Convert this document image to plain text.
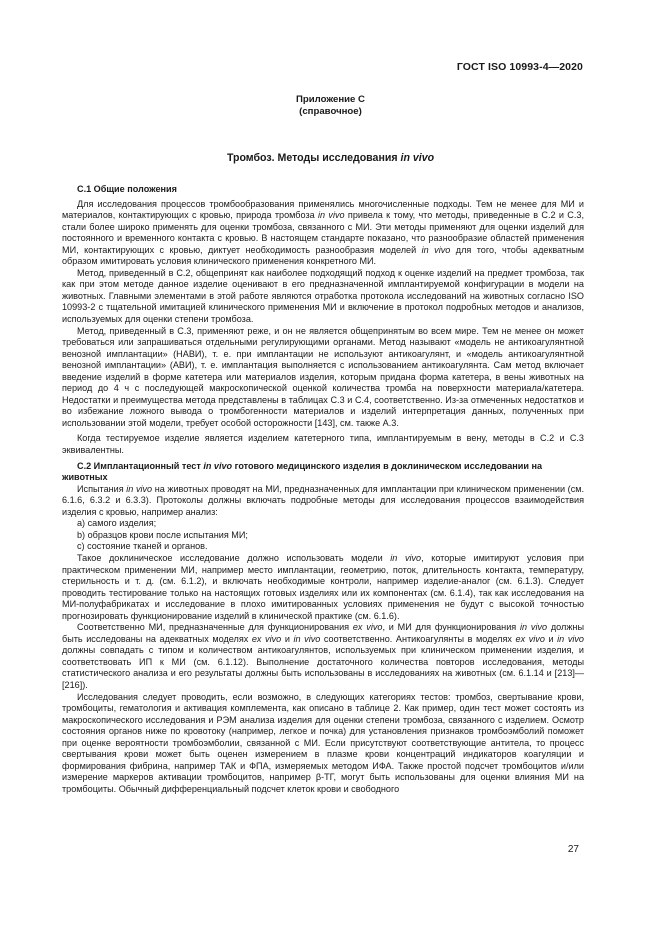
ГОСТ ISO 10993-4—2020
Приложение С
(справочное)
Тромбоз. Методы исследования in vivo

С.1 Общие положения

Для исследования процессов тромбообразования применялись многочисленные подходы. Тем не менее для МИ и материалов, контактирующих с кровью, природа тромбоза in vivo привела к тому, что методы, приведенные в С.2 и С.3, стали более широко применять для оценки тромбоза, связанного с МИ. Эти методы применяют для оценки изделий для постоянного и временного контакта с кровью. В настоящем стандарте показано, что разнообразие областей применения МИ, контактирующих с кровью, диктует необходимость разнообразия моделей in vivo для того, чтобы адекватным образом имитировать условия клинического применения конкретного МИ.

Метод, приведенный в С.2, общепринят как наиболее подходящий подход к оценке изделий на предмет тромбоза, так как при этом методе данное изделие оценивают в его предназначенной имплантируемой конфигурации в модели на животных. Главными элементами в этой работе являются отработка протокола исследований на животных согласно ISO 10993-2 с тщательной имитацией клинического применения МИ и включение в протокол подробных методов и анализов, используемых для оценки степени тромбоза.

Метод, приведенный в С.3, применяют реже, и он не является общепринятым во всем мире. Тем не менее он может требоваться или запрашиваться отдельными регулирующими органами. Метод называют «модель не антикоагулянтной венозной имплантации» (НАВИ), т. е. при имплантации не используют антикоагулянт, и «модель антикоагулянтной венозной имплантации» (АВИ), т. е. имплантация выполняется с использованием антикоагулянта. Сам метод включает введение изделий в форме катетера или материалов изделия, которым придана форма катетера, в вены животных на период до 4 ч с последующей макроскопической оценкой количества тромба на поверхности материала/катетера. Недостатки и преимущества метода представлены в таблицах С.3 и С.4, соответственно. Из-за отмеченных недостатков и во избежание ложного вывода о тромбогенности материалов и изделий интерпретация данных, полученных при использовании этой модели, требует особой осторожности [143], см. также А.3.

Когда тестируемое изделие является изделием катетерного типа, имплантируемым в вену, методы в С.2 и С.3 эквивалентны.

С.2 Имплантационный тест in vivo готового медицинского изделия в доклиническом исследовании на животных

Испытания in vivo на животных проводят на МИ, предназначенных для имплантации при клиническом применении (см. 6.1.6, 6.3.2 и 6.3.3). Протоколы должны включать подробные методы для исследования процессов взаимодействия изделия с кровью, например анализ:

a) самого изделия;

b) образцов крови после испытания МИ;

c) состояние тканей и органов.

Такое доклиническое исследование должно использовать модели in vivo, которые имитируют условия при практическом применении МИ, например место имплантации, геометрию, поток, длительность контакта, температуру, стерильность и т. д. (см. 6.1.2), и включать необходимые контроли, например изделие-аналог (см. 6.1.3). Следует проводить тестирование только на настоящих готовых изделиях или их компонентах (см. 6.1.4), так как исследования на МИ-полуфабрикатах и исследование в плохо имитированных условиях применения не будут с высокой точностью прогнозировать функционирование изделий в клинической практике (см. 6.1.6).

Соответственно МИ, предназначенные для функционирования ex vivo, и МИ для функционирования in vivo должны быть исследованы на адекватных моделях ex vivo и in vivo соответственно. Антикоагулянты в моделях ex vivo и in vivo должны совпадать с типом и количеством антикоагулянтов, используемых при клиническом применении изделия, и соответствовать ИП к МИ (см. 6.1.12). Выполнение достаточного количества повторов исследования, методы статистического анализа и его результаты должны быть использованы в исследованиях на животных (см. 6.1.14 и [213]—[216]).

Исследования следует проводить, если возможно, в следующих категориях тестов: тромбоз, свертывание крови, тромбоциты, гематология и активация комплемента, как описано в таблице 2. Как пример, один тест может состоять из макроскопического исследования и РЭМ анализа изделия для оценки степени тромбоза, связанного с изделием. Осмотр состояния органов ниже по кровотоку (например, легкое и почка) для установления признаков тромбоэмболий поможет при оценке вероятности тромбоэмболии, связанной с МИ. Если присутствуют соответствующие антитела, то процесс свертывания крови может быть оценен измерением в плазме крови концентраций индикаторов коагуляции и формирования фибрина, например ТАК и ФПА, измеряемых методом ИФА. Также простой подсчет тромбоцитов и/или измерение маркеров активации тромбоцитов, например β-ТГ, могут быть использованы для оценки влияния МИ на тромбоциты. Обычный дифференциальный подсчет клеток крови и свободного

27
